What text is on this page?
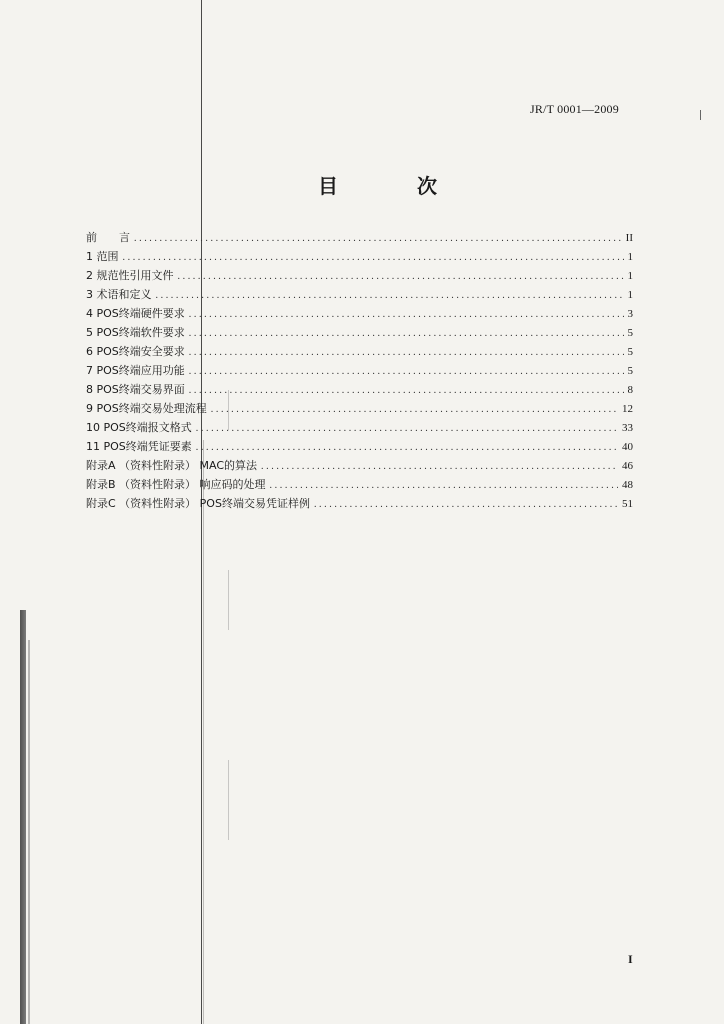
JR/T 0001—2009
目 次
前　　言 .....	II
1 范围 .....	1
2 规范性引用文件 .....	1
3 术语和定义 .....	1
4 POS终端硬件要求 .....	3
5 POS终端软件要求 .....	5
6 POS终端安全要求 .....	5
7 POS终端应用功能 .....	5
8 POS终端交易界面 .....	8
9 POS终端交易处理流程 .....	12
10 POS终端报文格式 .....	33
11 POS终端凭证要素 .....	40
附录A （资料性附录） MAC的算法 .....	46
附录B （资料性附录） 响应码的处理 .....	48
附录C （资料性附录） POS终端交易凭证样例 .....	51
I
